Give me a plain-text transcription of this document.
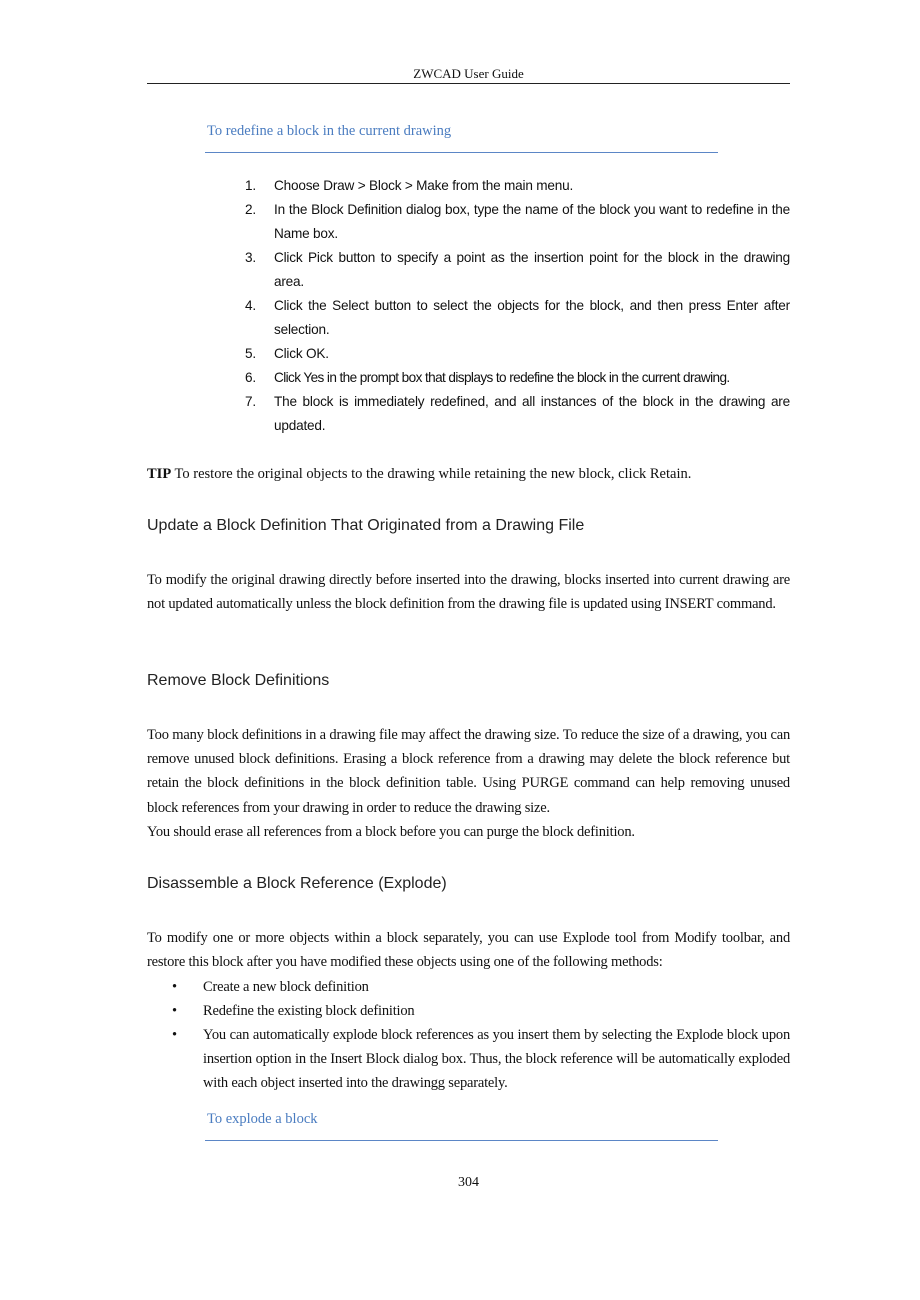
ZWCAD User Guide
To redefine a block in the current drawing
1. Choose Draw > Block > Make from the main menu.
2. In the Block Definition dialog box, type the name of the block you want to redefine in the Name box.
3. Click Pick button to specify a point as the insertion point for the block in the drawing area.
4. Click the Select button to select the objects for the block, and then press Enter after selection.
5. Click OK.
6. Click Yes in the prompt box that displays to redefine the block in the current drawing.
7. The block is immediately redefined, and all instances of the block in the drawing are updated.
TIP To restore the original objects to the drawing while retaining the new block, click Retain.
Update a Block Definition That Originated from a Drawing File
To modify the original drawing directly before inserted into the drawing, blocks inserted into current drawing are not updated automatically unless the block definition from the drawing file is updated using INSERT command.
Remove Block Definitions
Too many block definitions in a drawing file may affect the drawing size. To reduce the size of a drawing, you can remove unused block definitions. Erasing a block reference from a drawing may delete the block reference but retain the block definitions in the block definition table. Using PURGE command can help removing unused block references from your drawing in order to reduce the drawing size.
You should erase all references from a block before you can purge the block definition.
Disassemble a Block Reference (Explode)
To modify one or more objects within a block separately, you can use Explode tool from Modify toolbar, and restore this block after you have modified these objects using one of the following methods:
• Create a new block definition
• Redefine the existing block definition
• You can automatically explode block references as you insert them by selecting the Explode block upon insertion option in the Insert Block dialog box. Thus, the block reference will be automatically exploded with each object inserted into the drawingg separately.
To explode a block
304
